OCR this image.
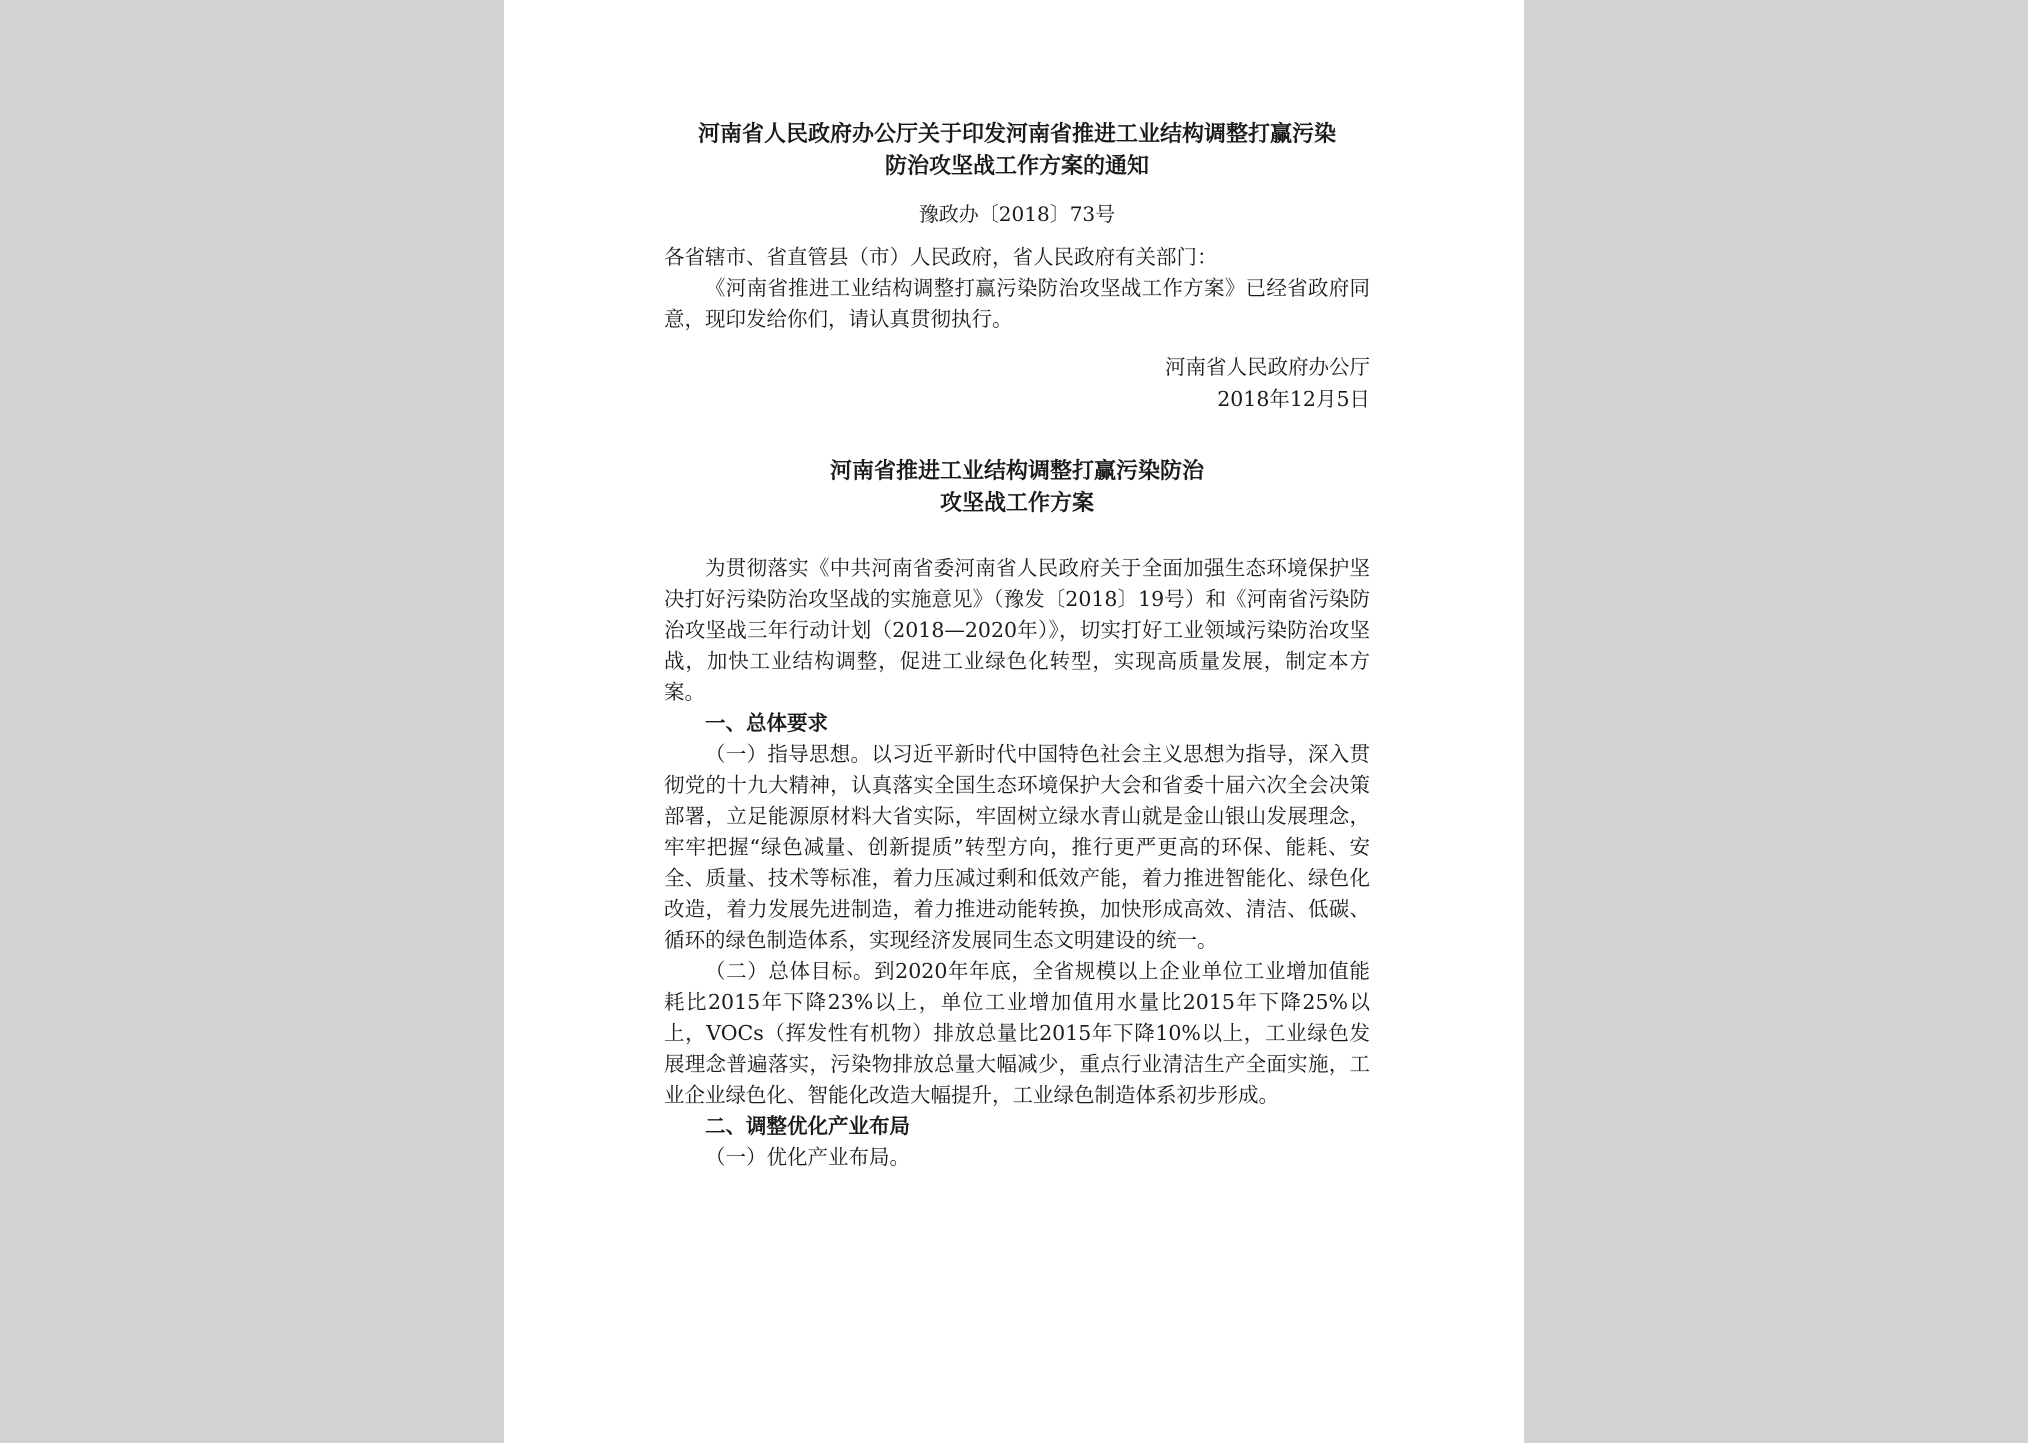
河南省人民政府办公厅关于印发河南省推进工业结构调整打赢污染

防治攻坚战工作方案的通知

豫政办〔2018〕73号

各省辖市、省直管县（市）人民政府，省人民政府有关部门：

《河南省推进工业结构调整打赢污染防治攻坚战工作方案》已经省政府同意，现印发给你们，请认真贯彻执行。

河南省人民政府办公厅
2018年12月5日

河南省推进工业结构调整打赢污染防治

攻坚战工作方案

为贯彻落实《中共河南省委河南省人民政府关于全面加强生态环境保护坚决打好污染防治攻坚战的实施意见》（豫发〔2018〕19号）和《河南省污染防治攻坚战三年行动计划（2018—2020年）》，切实打好工业领域污染防治攻坚战，加快工业结构调整，促进工业绿色化转型，实现高质量发展，制定本方案。

一、总体要求

（一）指导思想。以习近平新时代中国特色社会主义思想为指导，深入贯彻党的十九大精神，认真落实全国生态环境保护大会和省委十届六次全会决策部署，立足能源原材料大省实际，牢固树立绿水青山就是金山银山发展理念，牢牢把握“绿色减量、创新提质”转型方向，推行更严更高的环保、能耗、安全、质量、技术等标准，着力压减过剩和低效产能，着力推进智能化、绿色化改造，着力发展先进制造，着力推进动能转换，加快形成高效、清洁、低碳、循环的绿色制造体系，实现经济发展同生态文明建设的统一。

（二）总体目标。到2020年年底，全省规模以上企业单位工业增加值能耗比2015年下降23%以上，单位工业增加值用水量比2015年下降25%以上，VOCs（挥发性有机物）排放总量比2015年下降10%以上，工业绿色发展理念普遍落实，污染物排放总量大幅减少，重点行业清洁生产全面实施，工业企业绿色化、智能化改造大幅提升，工业绿色制造体系初步形成。

二、调整优化产业布局

（一）优化产业布局。
